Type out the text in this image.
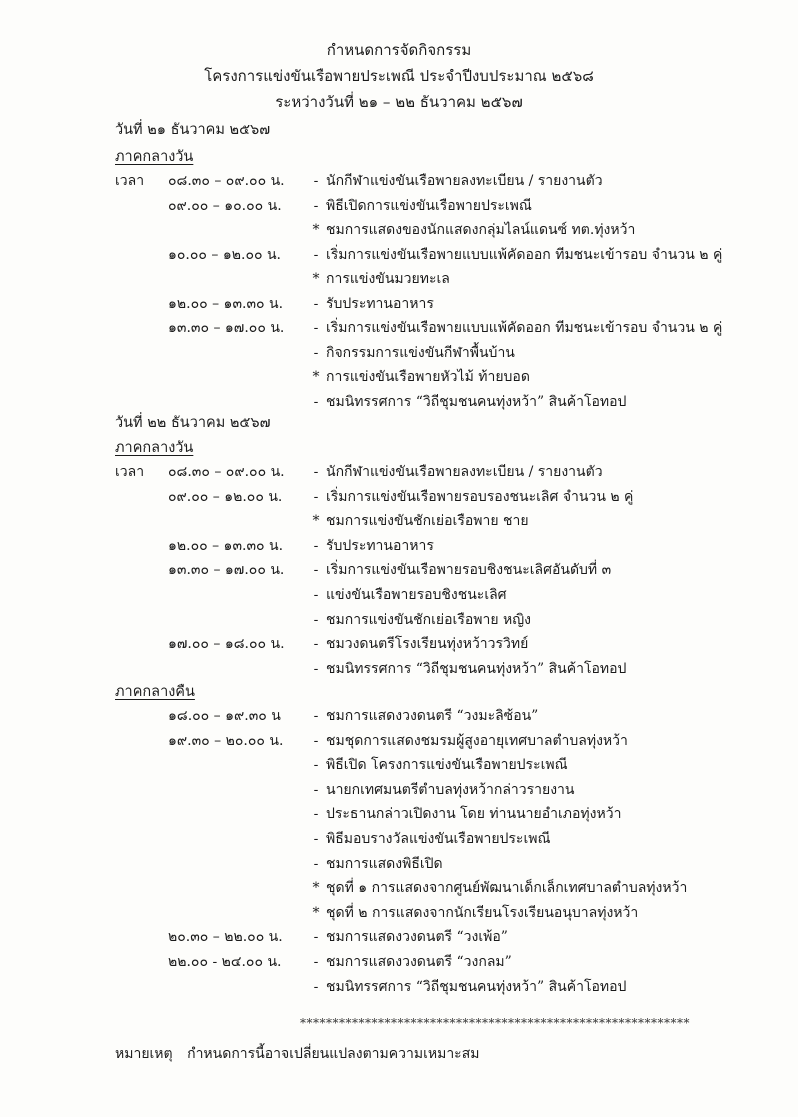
กำหนดการจัดกิจกรรม
โครงการแข่งขันเรือพายประเพณี ประจำปีงบประมาณ ๒๕๖๘
ระหว่างวันที่ ๒๑ – ๒๒ ธันวาคม ๒๕๖๗
วันที่ ๒๑ ธันวาคม ๒๕๖๗
ภาคกลางวัน
เวลา ๐๘.๓๐ – ๐๙.๐๐ น. - นักกีฬาแข่งขันเรือพายลงทะเบียน / รายงานตัว
๐๙.๐๐ – ๑๐.๐๐ น. - พิธีเปิดการแข่งขันเรือพายประเพณี
* ชมการแสดงของนักแสดงกลุ่มไลน์แดนซ์ ทต.ทุ่งหว้า
๑๐.๐๐ – ๑๒.๐๐ น. - เริ่มการแข่งขันเรือพายแบบแพ้คัดออก ทีมชนะเข้ารอบ จำนวน ๒ คู่
* การแข่งขันมวยทะเล
๑๒.๐๐ – ๑๓.๓๐ น. - รับประทานอาหาร
๑๓.๓๐ – ๑๗.๐๐ น. - เริ่มการแข่งขันเรือพายแบบแพ้คัดออก ทีมชนะเข้ารอบ จำนวน ๒ คู่
- กิจกรรมการแข่งขันกีฬาพื้นบ้าน
* การแข่งขันเรือพายหัวไม้ ท้ายบอด
- ชมนิทรรศการ “วิถีชุมชนคนทุ่งหว้า” สินค้าโอทอป
วันที่ ๒๒ ธันวาคม ๒๕๖๗
ภาคกลางวัน
เวลา ๐๘.๓๐ – ๐๙.๐๐ น. - นักกีฬาแข่งขันเรือพายลงทะเบียน / รายงานตัว
๐๙.๐๐ – ๑๒.๐๐ น. - เริ่มการแข่งขันเรือพายรอบรองชนะเลิศ จำนวน ๒ คู่
* ชมการแข่งขันชักเย่อเรือพาย ชาย
๑๒.๐๐ – ๑๓.๓๐ น. - รับประทานอาหาร
๑๓.๓๐ – ๑๗.๐๐ น. - เริ่มการแข่งขันเรือพายรอบชิงชนะเลิศอันดับที่ ๓
- แข่งขันเรือพายรอบชิงชนะเลิศ
- ชมการแข่งขันชักเย่อเรือพาย หญิง
๑๗.๐๐ – ๑๘.๐๐ น. - ชมวงดนตรีโรงเรียนทุ่งหว้าวรวิทย์
- ชมนิทรรศการ “วิถีชุมชนคนทุ่งหว้า” สินค้าโอทอป
ภาคกลางคืน
๑๘.๐๐ – ๑๙.๓๐ น - ชมการแสดงวงดนตรี “วงมะลิซ้อน”
๑๙.๓๐ – ๒๐.๐๐ น. - ชมชุดการแสดงชมรมผู้สูงอายุเทศบาลตำบลทุ่งหว้า
- พิธีเปิด โครงการแข่งขันเรือพายประเพณี
- นายกเทศมนตรีตำบลทุ่งหว้ากล่าวรายงาน
- ประธานกล่าวเปิดงาน โดย ท่านนายอำเภอทุ่งหว้า
- พิธีมอบรางวัลแข่งขันเรือพายประเพณี
- ชมการแสดงพิธีเปิด
* ชุดที่ ๑ การแสดงจากศูนย์พัฒนาเด็กเล็กเทศบาลตำบลทุ่งหว้า
* ชุดที่ ๒ การแสดงจากนักเรียนโรงเรียนอนุบาลทุ่งหว้า
๒๐.๓๐ – ๒๒.๐๐ น. - ชมการแสดงวงดนตรี “วงเพ้อ”
๒๒.๐๐ - ๒๔.๐๐ น. - ชมการแสดงวงดนตรี “วงกลม”
- ชมนิทรรศการ “วิถีชุมชนคนทุ่งหว้า” สินค้าโอทอป
************************************************************
หมายเหตุ กำหนดการนี้อาจเปลี่ยนแปลงตามความเหมาะสม
